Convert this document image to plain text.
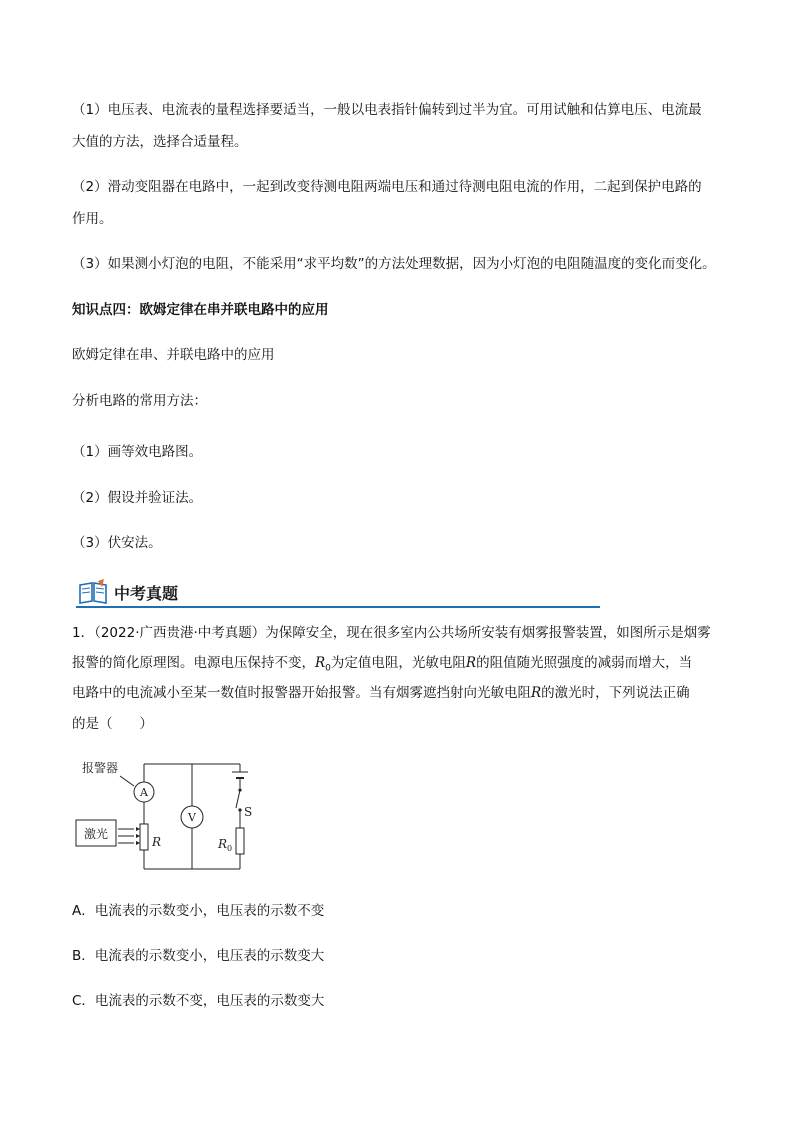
（1）电压表、电流表的量程选择要适当，一般以电表指针偏转到过半为宜。可用试触和估算电压、电流最

大值的方法，选择合适量程。

（2）滑动变阻器在电路中，一起到改变待测电阻两端电压和通过待测电阻电流的作用，二起到保护电路的

作用。

（3）如果测小灯泡的电阻，不能采用“求平均数”的方法处理数据，因为小灯泡的电阻随温度的变化而变化。

知识点四：欧姆定律在串并联电路中的应用

欧姆定律在串、并联电路中的应用

分析电路的常用方法：

（1）画等效电路图。

（2）假设并验证法。

（3）伏安法。

中考真题

1．（2022·广西贵港·中考真题）为保障安全，现在很多室内公共场所安装有烟雾报警装置，如图所示是烟雾

报警的简化原理图。电源电压保持不变，$R_0$为定值电阻，光敏电阻R的阻值随光照强度的减弱而增大，当

电路中的电流减小至某一数值时报警器开始报警。当有烟雾遮挡射向光敏电阻R的激光时，下列说法正确

的是（　　）

报警器
A
V
激光
R
S
$R_0$
A．电流表的示数变小，电压表的示数不变
B．电流表的示数变小，电压表的示数变大
C．电流表的示数不变，电压表的示数变大
